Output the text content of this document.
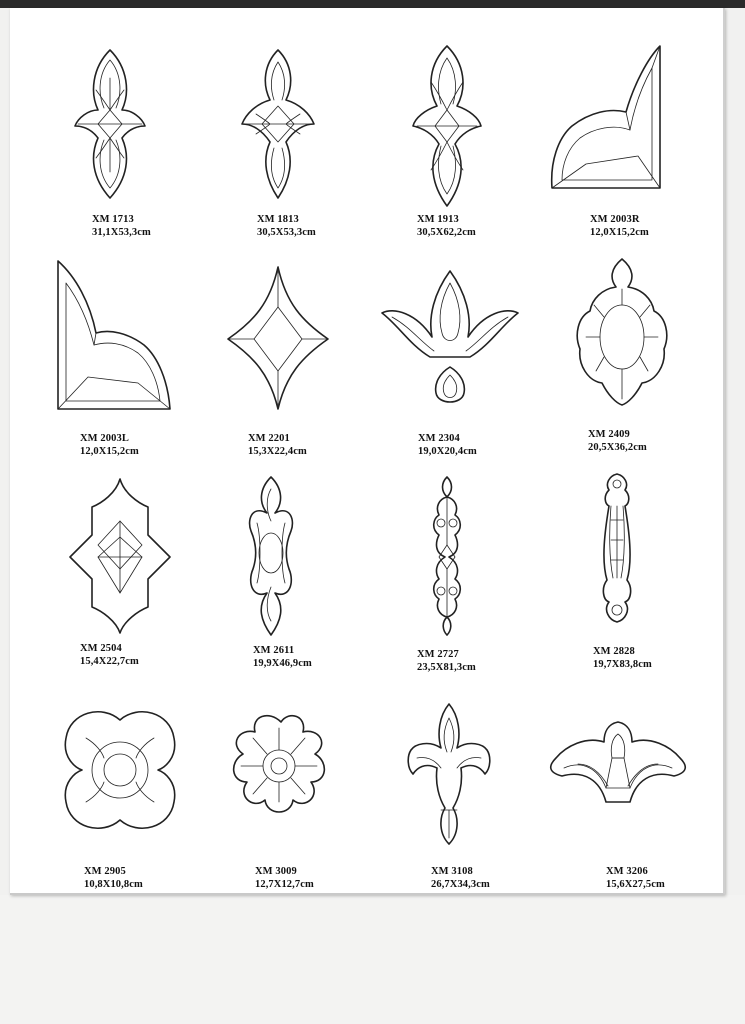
XM 1713
31,1X53,3cm
XM 1813
30,5X53,3cm
XM 1913
30,5X62,2cm
XM 2003R
12,0X15,2cm
XM 2003L
12,0X15,2cm
XM 2201
15,3X22,4cm
XM 2304
19,0X20,4cm
XM 2409
20,5X36,2cm
XM 2504
15,4X22,7cm
XM 2611
19,9X46,9cm
XM 2727
23,5X81,3cm
XM 2828
19,7X83,8cm
XM 2905
10,8X10,8cm
XM 3009
12,7X12,7cm
XM 3108
26,7X34,3cm
XM 3206
15,6X27,5cm
